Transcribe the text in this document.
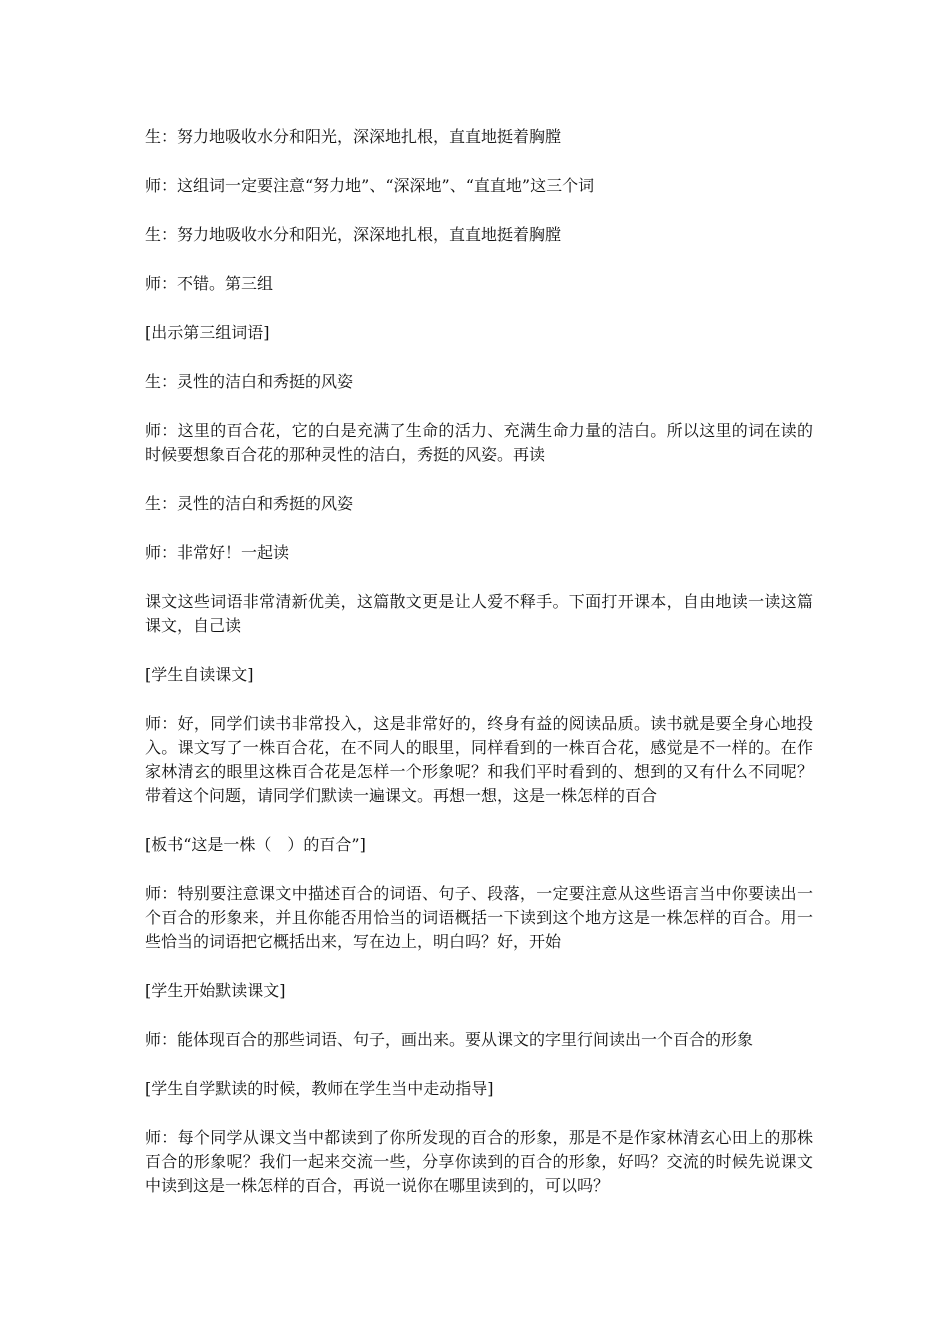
生：努力地吸收水分和阳光，深深地扎根，直直地挺着胸膛

师：这组词一定要注意“努力地”、“深深地”、“直直地”这三个词

生：努力地吸收水分和阳光，深深地扎根，直直地挺着胸膛

师：不错。第三组

[出示第三组词语]

生：灵性的洁白和秀挺的风姿

师：这里的百合花，它的白是充满了生命的活力、充满生命力量的洁白。所以这里的词在读的时候要想象百合花的那种灵性的洁白，秀挺的风姿。再读

生：灵性的洁白和秀挺的风姿

师：非常好！一起读

课文这些词语非常清新优美，这篇散文更是让人爱不释手。下面打开课本，自由地读一读这篇课文，自己读

[学生自读课文]

师：好，同学们读书非常投入，这是非常好的，终身有益的阅读品质。读书就是要全身心地投入。课文写了一株百合花，在不同人的眼里，同样看到的一株百合花，感觉是不一样的。在作家林清玄的眼里这株百合花是怎样一个形象呢？和我们平时看到的、想到的又有什么不同呢？带着这个问题，请同学们默读一遍课文。再想一想，这是一株怎样的百合

[板书“这是一株（　）的百合”]

师：特别要注意课文中描述百合的词语、句子、段落，一定要注意从这些语言当中你要读出一个百合的形象来，并且你能否用恰当的词语概括一下读到这个地方这是一株怎样的百合。用一些恰当的词语把它概括出来，写在边上，明白吗？好，开始

[学生开始默读课文]

师：能体现百合的那些词语、句子，画出来。要从课文的字里行间读出一个百合的形象

[学生自学默读的时候，教师在学生当中走动指导]

师：每个同学从课文当中都读到了你所发现的百合的形象，那是不是作家林清玄心田上的那株百合的形象呢？我们一起来交流一些，分享你读到的百合的形象，好吗？交流的时候先说课文中读到这是一株怎样的百合，再说一说你在哪里读到的，可以吗？
